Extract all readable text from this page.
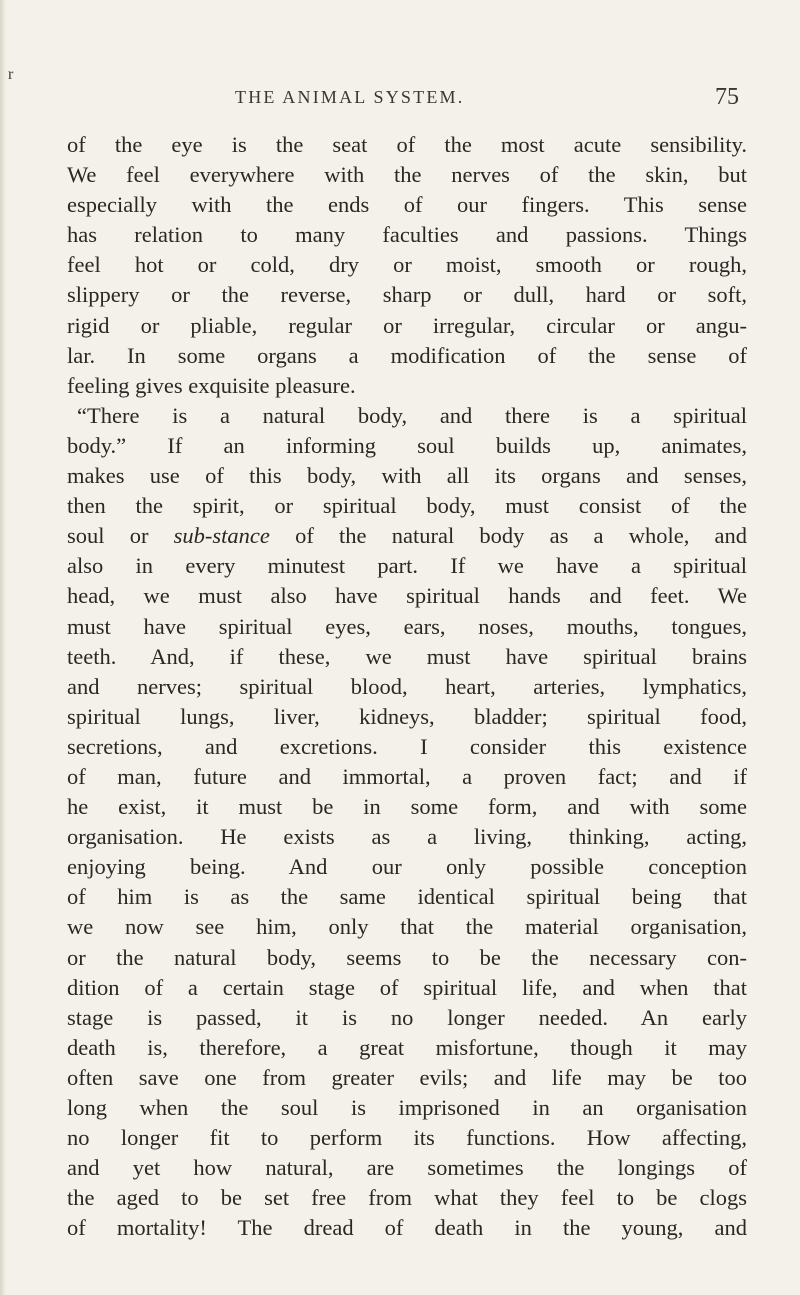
r
THE ANIMAL SYSTEM.	75
of the eye is the seat of the most acute sensibility.
We feel everywhere with the nerves of the skin, but
especially with the ends of our fingers. This sense
has relation to many faculties and passions. Things
feel hot or cold, dry or moist, smooth or rough,
slippery or the reverse, sharp or dull, hard or soft,
rigid or pliable, regular or irregular, circular or angu-
lar. In some organs a modification of the sense of
feeling gives exquisite pleasure.
“There is a natural body, and there is a spiritual
body.” If an informing soul builds up, animates,
makes use of this body, with all its organs and senses,
then the spirit, or spiritual body, must consist of the
soul or sub-stance of the natural body as a whole, and
also in every minutest part. If we have a spiritual
head, we must also have spiritual hands and feet. We
must have spiritual eyes, ears, noses, mouths, tongues,
teeth. And, if these, we must have spiritual brains
and nerves; spiritual blood, heart, arteries, lymphatics,
spiritual lungs, liver, kidneys, bladder; spiritual food,
secretions, and excretions. I consider this existence
of man, future and immortal, a proven fact; and if
he exist, it must be in some form, and with some
organisation. He exists as a living, thinking, acting,
enjoying being. And our only possible conception
of him is as the same identical spiritual being that
we now see him, only that the material organisation,
or the natural body, seems to be the necessary con-
dition of a certain stage of spiritual life, and when that
stage is passed, it is no longer needed. An early
death is, therefore, a great misfortune, though it may
often save one from greater evils; and life may be too
long when the soul is imprisoned in an organisation
no longer fit to perform its functions. How affecting,
and yet how natural, are sometimes the longings of
the aged to be set free from what they feel to be clogs
of mortality! The dread of death in the young, and
